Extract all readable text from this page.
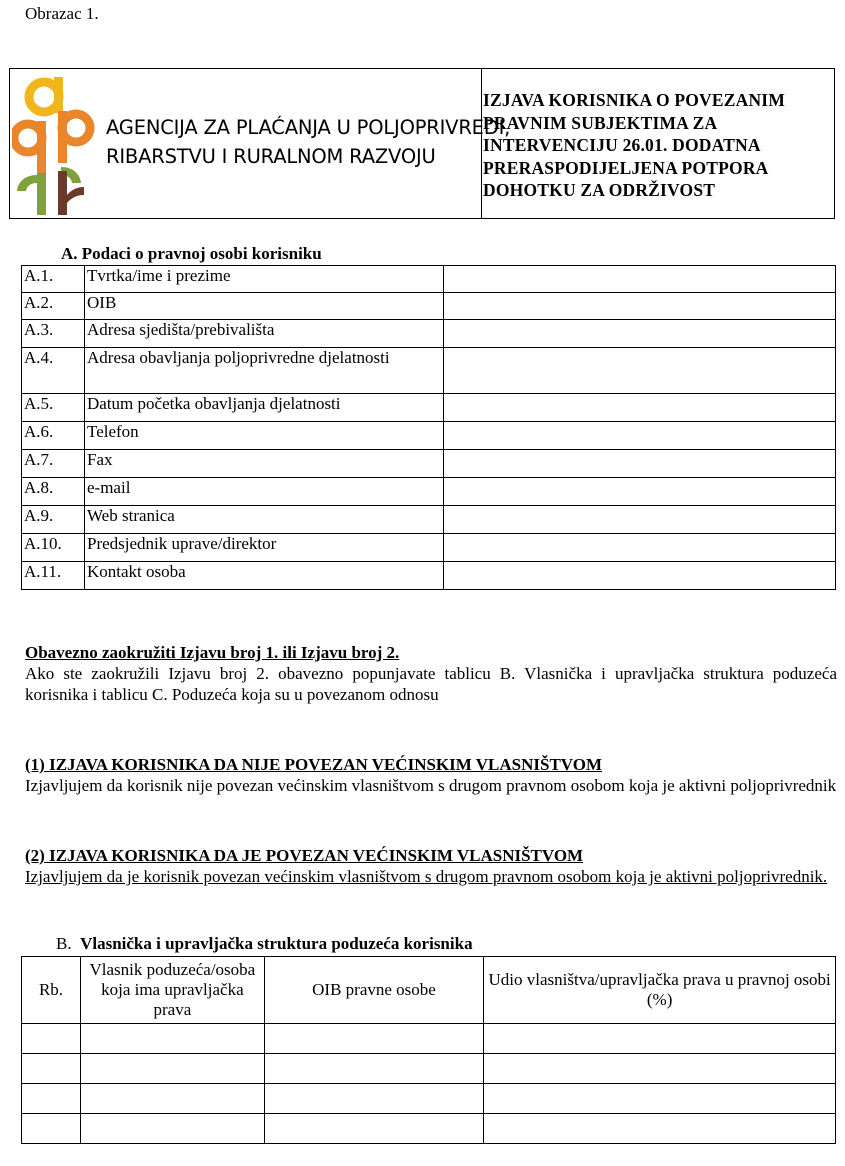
Obrazac 1.
AGENCIJA ZA PLAĆANJA U POLJOPRIVREDI,
RIBARSTVU I RURALNOM RAZVOJU
IZJAVA KORISNIKA O POVEZANIM PRAVNIM SUBJEKTIMA ZA INTERVENCIJU 26.01. DODATNA PRERASPODIJELJENA POTPORA DOHOTKU ZA ODRŽIVOST
A. Podaci o pravnoj osobi korisniku
A.1.	Tvrtka/ime i prezime	
A.2.	OIB	
A.3.	Adresa sjedišta/prebivališta	
A.4.	Adresa obavljanja poljoprivredne djelatnosti	
A.5.	Datum početka obavljanja djelatnosti	
A.6.	Telefon	
A.7.	Fax	
A.8.	e-mail	
A.9.	Web stranica	
A.10.	Predsjednik uprave/direktor	
A.11.	Kontakt osoba	
Obavezno zaokružiti Izjavu broj 1. ili Izjavu broj 2.
Ako ste zaokružili Izjavu broj 2. obavezno popunjavate tablicu B. Vlasnička i upravljačka struktura poduzeća korisnika i tablicu C. Poduzeća koja su u povezanom odnosu
(1) IZJAVA KORISNIKA DA NIJE POVEZAN VEĆINSKIM VLASNIŠTVOM
Izjavljujem da korisnik nije povezan većinskim vlasništvom s drugom pravnom osobom koja je aktivni poljoprivrednik
(2) IZJAVA KORISNIKA DA JE POVEZAN VEĆINSKIM VLASNIŠTVOM
Izjavljujem da je korisnik povezan većinskim vlasništvom s drugom pravnom osobom koja je aktivni poljoprivrednik.
B. Vlasnička i upravljačka struktura poduzeća korisnika
Rb.	Vlasnik poduzeća/osoba koja ima upravljačka prava	OIB pravne osobe	Udio vlasništva/upravljačka prava u pravnoj osobi (%)
